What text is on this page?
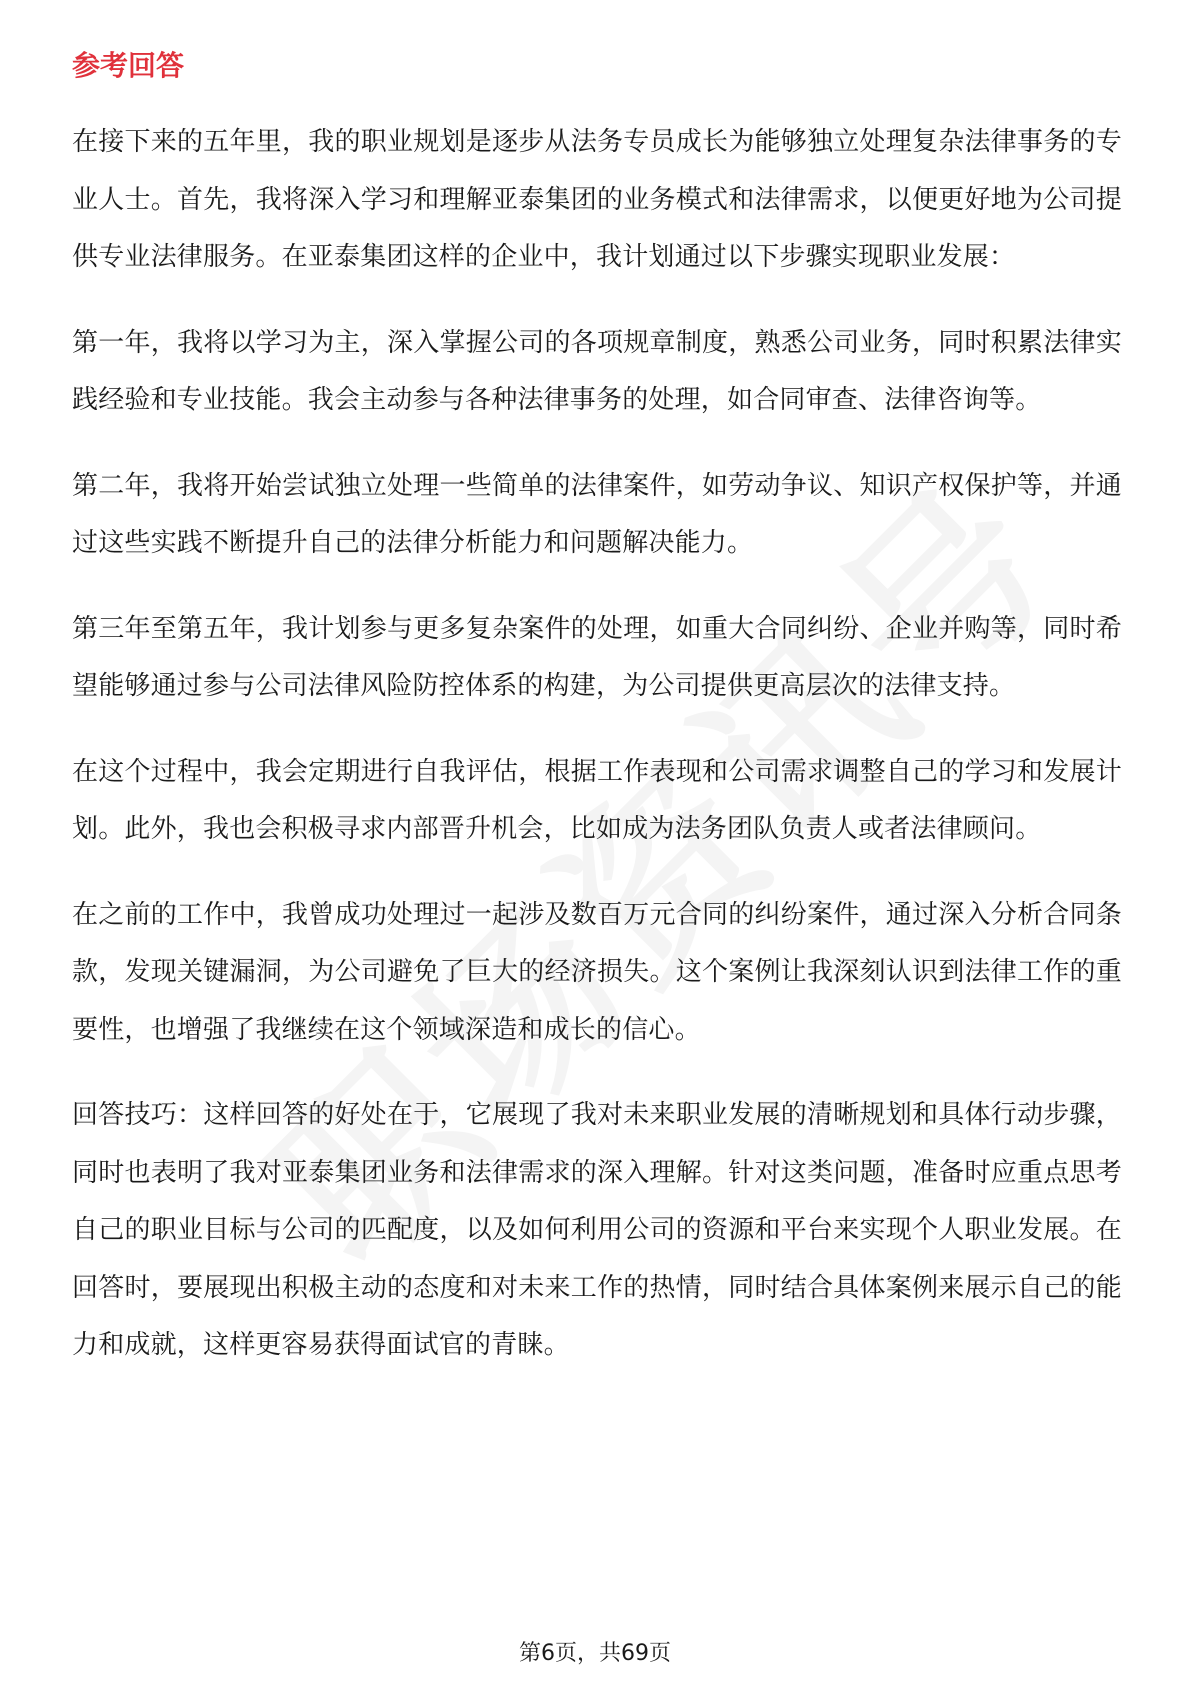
参考回答

在接下来的五年里，我的职业规划是逐步从法务专员成长为能够独立处理复杂法律事务的专业人士。首先，我将深入学习和理解亚泰集团的业务模式和法律需求，以便更好地为公司提供专业法律服务。在亚泰集团这样的企业中，我计划通过以下步骤实现职业发展：

第一年，我将以学习为主，深入掌握公司的各项规章制度，熟悉公司业务，同时积累法律实践经验和专业技能。我会主动参与各种法律事务的处理，如合同审查、法律咨询等。

第二年，我将开始尝试独立处理一些简单的法律案件，如劳动争议、知识产权保护等，并通过这些实践不断提升自己的法律分析能力和问题解决能力。

第三年至第五年，我计划参与更多复杂案件的处理，如重大合同纠纷、企业并购等，同时希望能够通过参与公司法律风险防控体系的构建，为公司提供更高层次的法律支持。

在这个过程中，我会定期进行自我评估，根据工作表现和公司需求调整自己的学习和发展计划。此外，我也会积极寻求内部晋升机会，比如成为法务团队负责人或者法律顾问。

在之前的工作中，我曾成功处理过一起涉及数百万元合同的纠纷案件，通过深入分析合同条款，发现关键漏洞，为公司避免了巨大的经济损失。这个案例让我深刻认识到法律工作的重要性，也增强了我继续在这个领域深造和成长的信心。

回答技巧：这样回答的好处在于，它展现了我对未来职业发展的清晰规划和具体行动步骤，同时也表明了我对亚泰集团业务和法律需求的深入理解。针对这类问题，准备时应重点思考自己的职业目标与公司的匹配度，以及如何利用公司的资源和平台来实现个人职业发展。在回答时，要展现出积极主动的态度和对未来工作的热情，同时结合具体案例来展示自己的能力和成就，这样更容易获得面试官的青睐。

第6页，共69页
